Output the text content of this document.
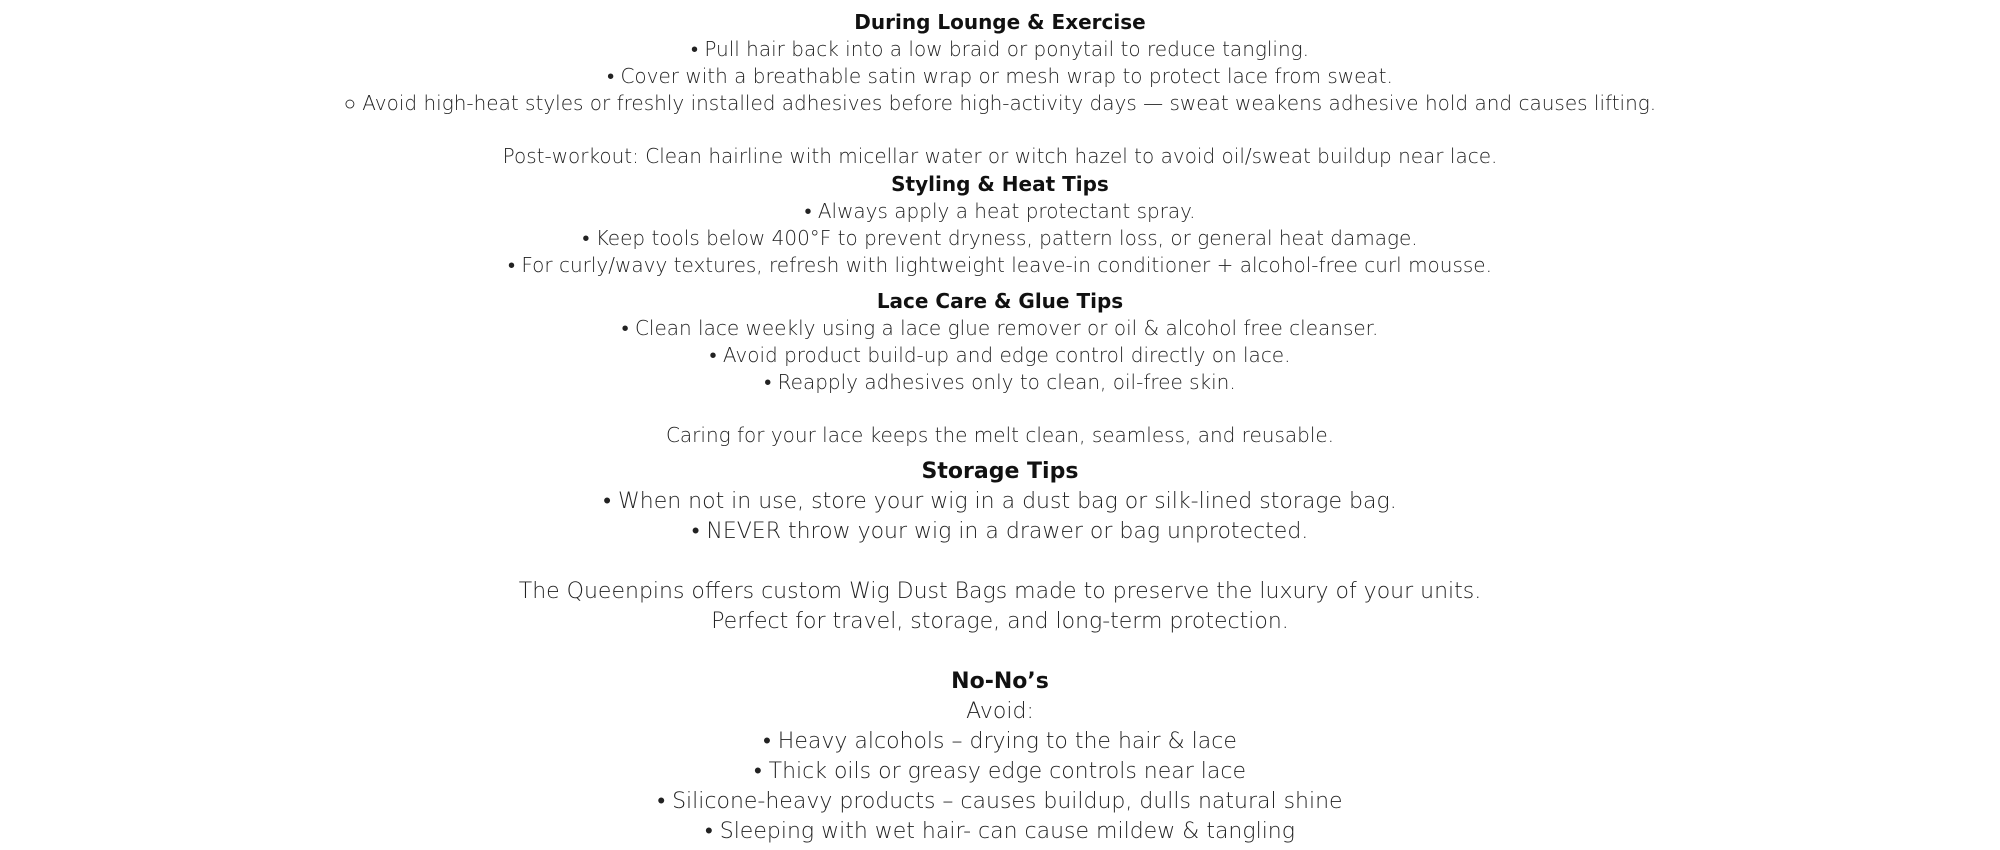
During Lounge & Exercise
• Pull hair back into a low braid or ponytail to reduce tangling.
• Cover with a breathable satin wrap or mesh wrap to protect lace from sweat.
○ Avoid high-heat styles or freshly installed adhesives before high-activity days — sweat weakens adhesive hold and causes lifting.
Post-workout: Clean hairline with micellar water or witch hazel to avoid oil/sweat buildup near lace.
Styling & Heat Tips
• Always apply a heat protectant spray.
• Keep tools below 400°F to prevent dryness, pattern loss, or general heat damage.
• For curly/wavy textures, refresh with lightweight leave-in conditioner + alcohol-free curl mousse.
Lace Care & Glue Tips
• Clean lace weekly using a lace glue remover or oil & alcohol free cleanser.
• Avoid product build-up and edge control directly on lace.
• Reapply adhesives only to clean, oil-free skin.
Caring for your lace keeps the melt clean, seamless, and reusable.
Storage Tips
• When not in use, store your wig in a dust bag or silk-lined storage bag.
• NEVER throw your wig in a drawer or bag unprotected.
The Queenpins offers custom Wig Dust Bags made to preserve the luxury of your units.
Perfect for travel, storage, and long-term protection.
No-No’s
Avoid:
• Heavy alcohols – drying to the hair & lace
• Thick oils or greasy edge controls near lace
• Silicone-heavy products – causes buildup, dulls natural shine
• Sleeping with wet hair- can cause mildew & tangling
